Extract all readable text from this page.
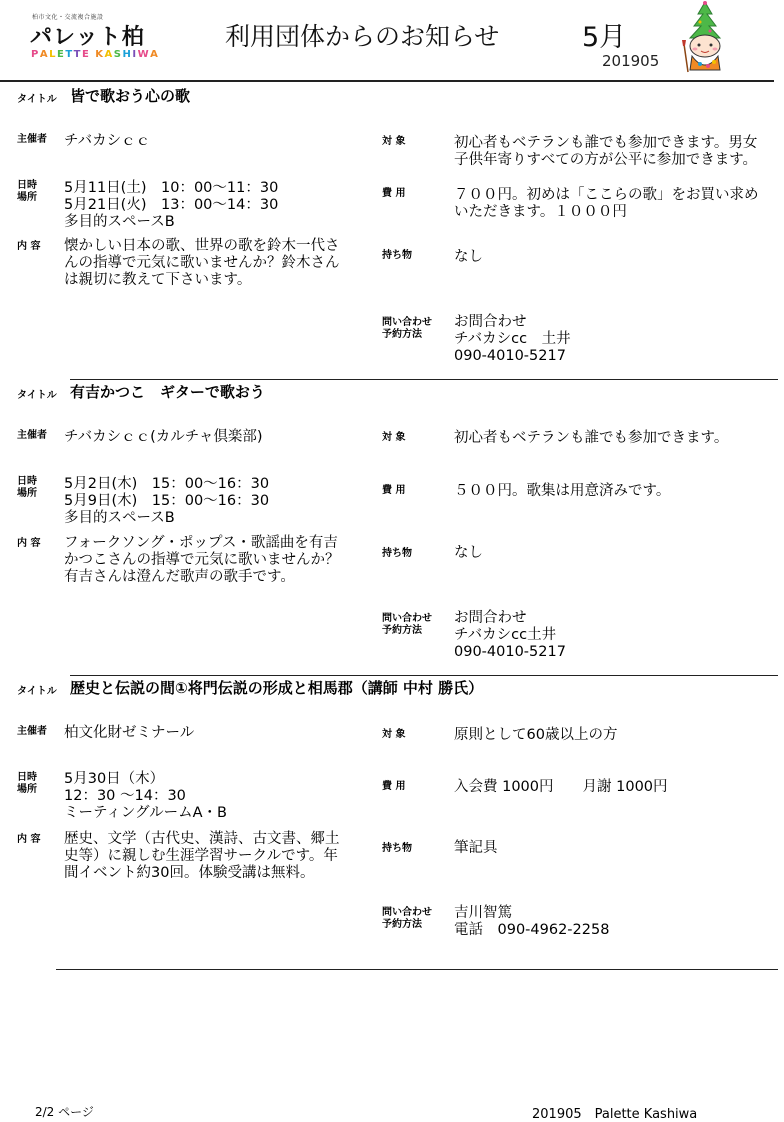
柏市文化・交流複合施設
パレット柏
PALETTE KASHIWA
利用団体からのお知らせ	5月
201905
タイトル 皆で歌おう心の歌
主催者 チバカシｃｃ
日時
場所
5月11日(土)　10：00〜11：30
5月21日(火)　13：00〜14：30
多目的スペースB
内 容 懐かしい日本の歌、世界の歌を鈴木一代さ
んの指導で元気に歌いませんか？鈴木さん
は親切に教えて下さいます。
対 象	初心者もベテランも誰でも参加できます。男女
子供年寄りすべての方が公平に参加できます。
費 用	７００円。初めは「ここらの歌」をお買い求め
いただきます。１０００円
持ち物	なし
問い合わせ
予約方法
お問合わせ
チバカシcc　土井
090-4010-5217
タイトル 有吉かつこ　ギターで歌おう
主催者 チバカシｃｃ(カルチャ倶楽部)
日時
場所
5月2日(木)　15：00〜16：30
5月9日(木)　15：00〜16：30
多目的スペースB
内 容 フォークソング・ポップス・歌謡曲を有吉
かつこさんの指導で元気に歌いませんか？
有吉さんは澄んだ歌声の歌手です。
対 象	初心者もベテランも誰でも参加できます。
費 用	５００円。歌集は用意済みです。
持ち物	なし
問い合わせ
予約方法
お問合わせ
チバカシcc土井
090-4010-5217
タイトル 歴史と伝説の間①将門伝説の形成と相馬郡（講師 中村 勝氏）
主催者 柏文化財ゼミナール
日時
場所
5月30日（木）
12：30 〜14：30
ミーティングルームA・B
内 容 歴史、文学（古代史、漢詩、古文書、郷土
史等）に親しむ生涯学習サークルです。年
間イベント約30回。体験受講は無料。
対 象	原則として60歳以上の方
費 用	入会費 1000円　　月謝 1000円
持ち物	筆記具
問い合わせ
予約方法
吉川智篤
電話　090-4962-2258
2/2 ページ	201905　Palette Kashiwa
